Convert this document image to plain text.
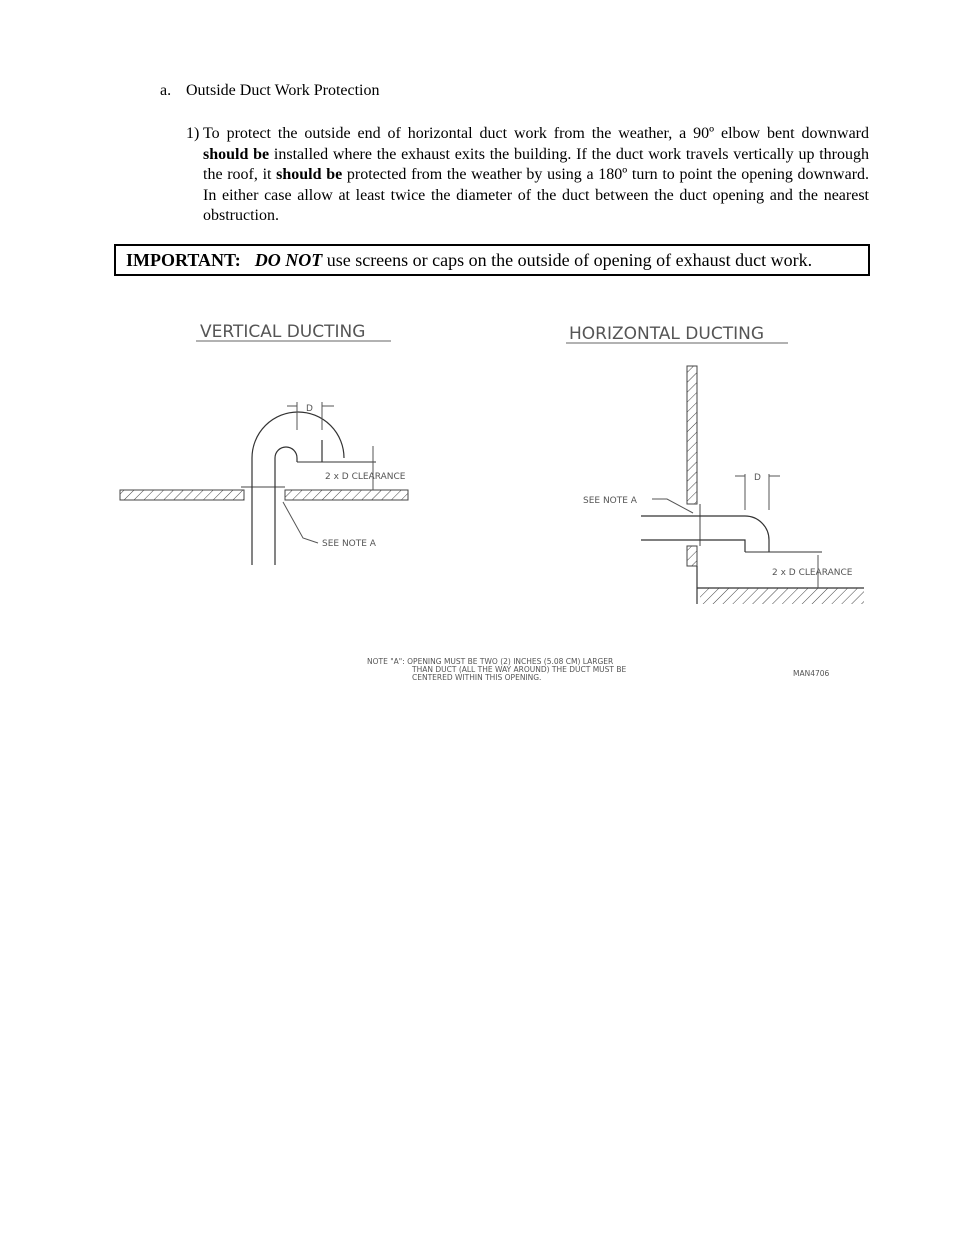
a. Outside Duct Work Protection
1) To protect the outside end of horizontal duct work from the weather, a 90º elbow bent downward should be installed where the exhaust exits the building. If the duct work travels vertically up through the roof, it should be protected from the weather by using a 180º turn to point the opening downward. In either case allow at least twice the diameter of the duct between the duct opening and the nearest obstruction.
IMPORTANT: DO NOT use screens or caps on the outside of opening of exhaust duct work.
VERTICAL DUCTING
D
2 x D CLEARANCE
SEE NOTE A
HORIZONTAL DUCTING
D
2 x D CLEARANCE
SEE NOTE A
NOTE "A": OPENING MUST BE TWO (2) INCHES (5.08 CM) LARGER
THAN DUCT (ALL THE WAY AROUND) THE DUCT MUST BE
CENTERED WITHIN THIS OPENING.	MAN4706
